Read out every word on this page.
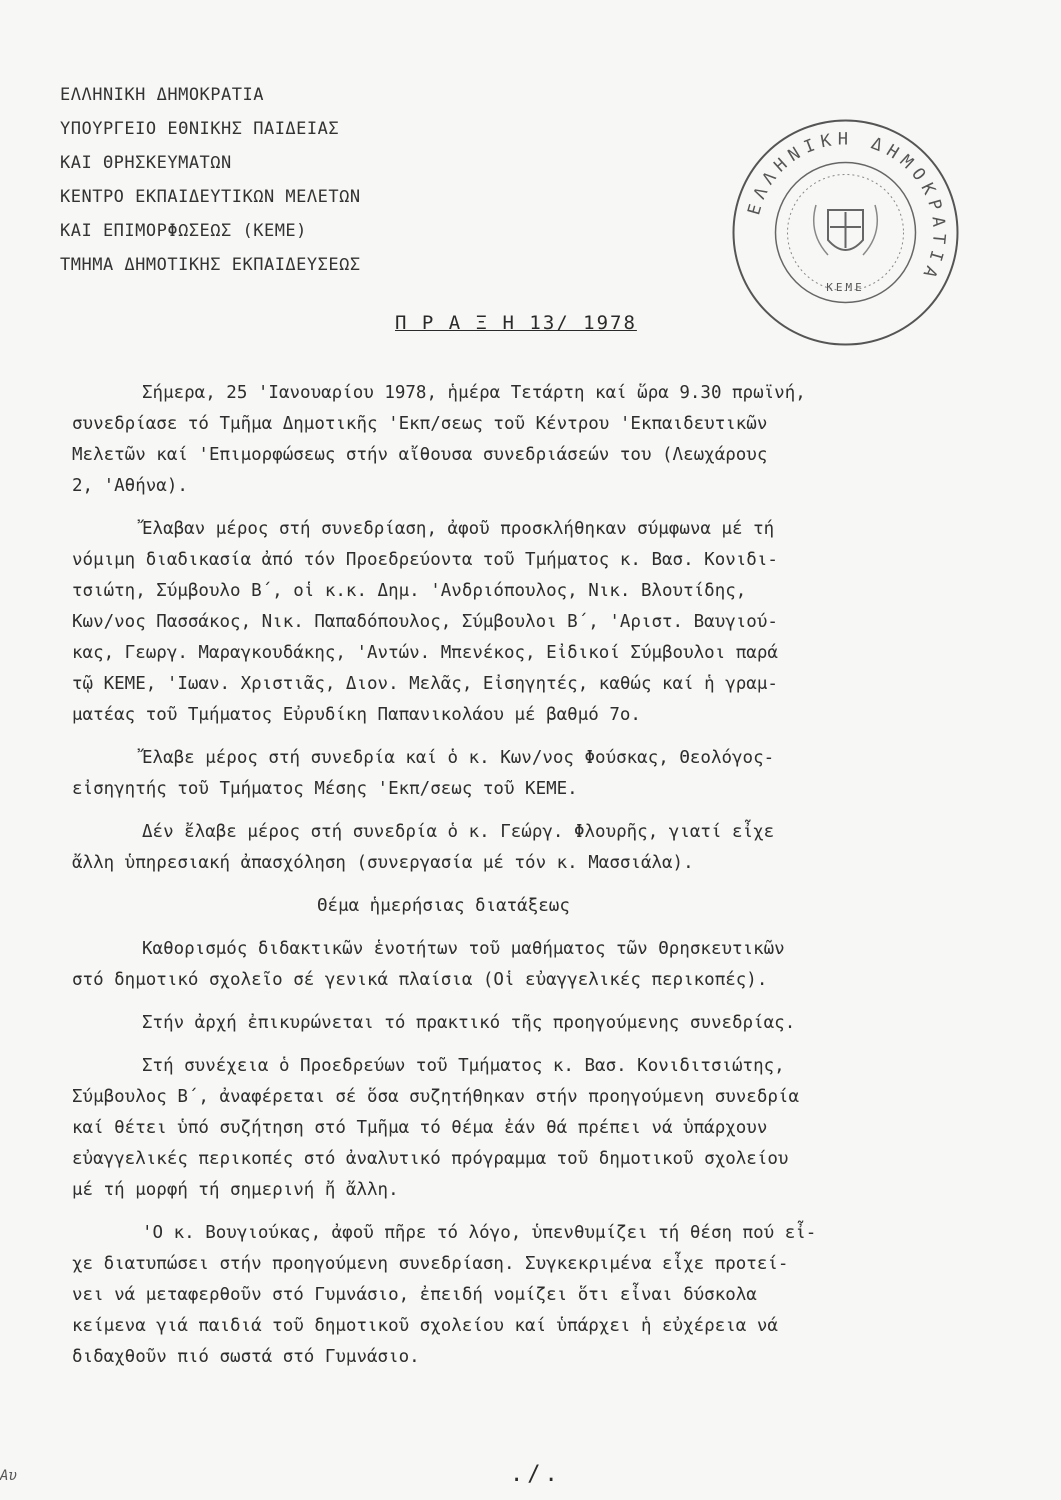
ΕΛΛΗΝΙΚΗ ΔΗΜΟΚΡΑΤΙΑ
ΥΠΟΥΡΓΕΙΟ ΕΘΝΙΚΗΣ ΠΑΙΔΕΙΑΣ
ΚΑΙ ΘΡΗΣΚΕΥΜΑΤΩΝ
ΚΕΝΤΡΟ ΕΚΠΑΙΔΕΥΤΙΚΩΝ ΜΕΛΕΤΩΝ
ΚΑΙ ΕΠΙΜΟΡΦΩΣΕΩΣ (ΚΕΜΕ)
ΤΜΗΜΑ ΔΗΜΟΤΙΚΗΣ ΕΚΠΑΙΔΕΥΣΕΩΣ
ΕΛΛΗΝΙΚΗ ΔΗΜΟΚΡΑΤΙΑ
ΚΕΜΕ
Π Ρ Α Ξ Η 13/ 1978
Σήμερα, 25 'Ιανουαρίου 1978, ἡμέρα Τετάρτη καί ὥρα 9.30 πρωϊνή,
συνεδρίασε τό Τμῆμα Δημοτικῆς 'Εκπ/σεως τοῦ Κέντρου 'Εκπαιδευτικῶν
Μελετῶν καί 'Επιμορφώσεως στήν αἴθουσα συνεδριάσεών του (Λεωχάρους
2, 'Αθήνα).
Ἔλαβαν μέρος στή συνεδρίαση, ἀφοῦ προσκλήθηκαν σύμφωνα μέ τή
νόμιμη διαδικασία ἀπό τόν Προεδρεύοντα τοῦ Τμήματος κ. Βασ. Κονιδι-
τσιώτη, Σύμβουλο Β΄, οἱ κ.κ. Δημ. 'Ανδριόπουλος, Νικ. Βλουτίδης,
Κων/νος Πασσάκος, Νικ. Παπαδόπουλος, Σύμβουλοι Β΄, 'Αριστ. Βαυγιού-
κας, Γεωργ. Μαραγκουδάκης, 'Αντών. Μπενέκος, Εἰδικοί Σύμβουλοι παρά
τῷ ΚΕΜΕ, 'Ιωαν. Χριστιᾶς, Διον. Μελᾶς, Εἰσηγητές, καθώς καί ἡ γραμ-
ματέας τοῦ Τμήματος Εὐρυδίκη Παπανικολάου μέ βαθμό 7ο.
Ἔλαβε μέρος στή συνεδρία καί ὁ κ. Κων/νος Φούσκας, Θεολόγος-
εἰσηγητής τοῦ Τμήματος Μέσης 'Εκπ/σεως τοῦ ΚΕΜΕ.
Δέν ἔλαβε μέρος στή συνεδρία ὁ κ. Γεώργ. Φλουρῆς, γιατί εἶχε
ἄλλη ὑπηρεσιακή ἀπασχόληση (συνεργασία μέ τόν κ. Μασσιάλα).
Θέμα ἡμερήσιας διατάξεως
Καθορισμός διδακτικῶν ἑνοτήτων τοῦ μαθήματος τῶν Θρησκευτικῶν
στό δημοτικό σχολεῖο σέ γενικά πλαίσια (Οἱ εὐαγγελικές περικοπές).
Στήν ἀρχή ἐπικυρώνεται τό πρακτικό τῆς προηγούμενης συνεδρίας.
Στή συνέχεια ὁ Προεδρεύων τοῦ Τμήματος κ. Βασ. Κονιδιτσιώτης,
Σύμβουλος Β΄, ἀναφέρεται σέ ὅσα συζητήθηκαν στήν προηγούμενη συνεδρία
καί θέτει ὑπό συζήτηση στό Τμῆμα τό θέμα ἐάν θά πρέπει νά ὑπάρχουν
εὐαγγελικές περικοπές στό ἀναλυτικό πρόγραμμα τοῦ δημοτικοῦ σχολείου
μέ τή μορφή τή σημερινή ἤ ἄλλη.
'Ο κ. Βουγιούκας, ἀφοῦ πῆρε τό λόγο, ὑπενθυμίζει τή θέση πού εἶ-
χε διατυπώσει στήν προηγούμενη συνεδρίαση. Συγκεκριμένα εἶχε προτεί-
νει νά μεταφερθοῦν στό Γυμνάσιο, ἐπειδή νομίζει ὅτι εἶναι δύσκολα
κείμενα γιά παιδιά τοῦ δημοτικοῦ σχολείου καί ὑπάρχει ἡ εὐχέρεια νά
διδαχθοῦν πιό σωστά στό Γυμνάσιο.
./.
Αυ
